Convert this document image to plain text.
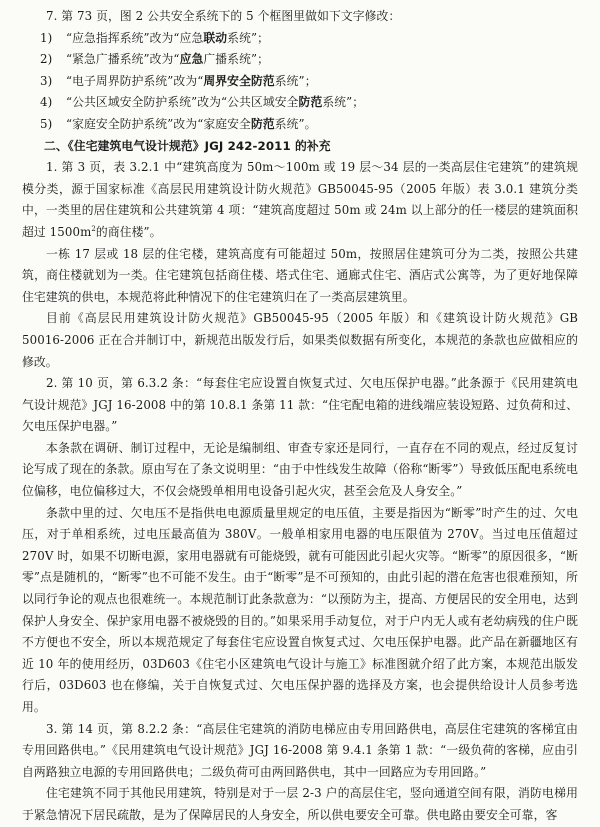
7. 第 73 页，图 2 公共安全系统下的 5 个框图里做如下文字修改：

1) “应急指挥系统”改为“应急联动系统”；

2) “紧急广播系统”改为“应急广播系统”；

3) “电子周界防护系统”改为“周界安全防范系统”；

4) “公共区域安全防护系统”改为“公共区域安全防范系统”；

5) “家庭安全防护系统”改为“家庭安全防范系统”。

二、《住宅建筑电气设计规范》JGJ 242-2011 的补充

1. 第 3 页，表 3.2.1 中“建筑高度为 50m～100m 或 19 层～34 层的一类高层住宅建筑”的建筑规模分类，源于国家标准《高层民用建筑设计防火规范》GB50045-95（2005 年版）表 3.0.1 建筑分类中，一类里的居住建筑和公共建筑第 4 项：“建筑高度超过 50m 或 24m 以上部分的任一楼层的建筑面积超过 $1500m^2$的商住楼”。

一栋 17 层或 18 层的住宅楼，建筑高度有可能超过 50m，按照居住建筑可分为二类，按照公共建筑，商住楼就划为一类。住宅建筑包括商住楼、塔式住宅、通廊式住宅、酒店式公寓等，为了更好地保障住宅建筑的供电，本规范将此种情况下的住宅建筑归在了一类高层建筑里。

目前《高层民用建筑设计防火规范》GB50045-95（2005 年版）和《建筑设计防火规范》GB 50016-2006 正在合并制订中，新规范出版发行后，如果类似数据有所变化，本规范的条款也应做相应的修改。

2. 第 10 页，第 6.3.2 条：“每套住宅应设置自恢复式过、欠电压保护电器。”此条源于《民用建筑电气设计规范》JGJ 16-2008 中的第 10.8.1 条第 11 款：“住宅配电箱的进线端应装设短路、过负荷和过、欠电压保护电器。”

本条款在调研、制订过程中，无论是编制组、审查专家还是同行，一直存在不同的观点，经过反复讨论写成了现在的条款。原由写在了条文说明里：“由于中性线发生故障（俗称“断零”）导致低压配电系统电位偏移，电位偏移过大，不仅会烧毁单相用电设备引起火灾，甚至会危及人身安全。”

条款中里的过、欠电压不是指供电电源质量里规定的电压值，主要是指因为“断零”时产生的过、欠电压，对于单相系统，过电压最高值为 380V。一般单相家用电器的电压限值为 270V。当过电压值超过 270V 时，如果不切断电源，家用电器就有可能烧毁，就有可能因此引起火灾等。“断零”的原因很多，“断零”点是随机的，“断零”也不可能不发生。由于“断零”是不可预知的，由此引起的潜在危害也很难预知，所以同行争论的观点也很难统一。本规范制订此条款意为：“以预防为主，提高、方便居民的安全用电，达到保护人身安全、保护家用电器不被烧毁的目的。”如果采用手动复位，对于户内无人或有老幼病残的住户既不方便也不安全，所以本规范规定了每套住宅应设置自恢复式过、欠电压保护电器。此产品在新疆地区有近 10 年的使用经历，03D603《住宅小区建筑电气设计与施工》标准图就介绍了此方案，本规范出版发行后，03D603 也在修编，关于自恢复式过、欠电压保护器的选择及方案，也会提供给设计人员参考选用。

3. 第 14 页，第 8.2.2 条：“高层住宅建筑的消防电梯应由专用回路供电，高层住宅建筑的客梯宜由专用回路供电。”《民用建筑电气设计规范》JGJ 16-2008 第 9.4.1 条第 1 款：“一级负荷的客梯，应由引自两路独立电源的专用回路供电；二级负荷可由两回路供电，其中一回路应为专用回路。”

住宅建筑不同于其他民用建筑，特别是对于一层 2-3 户的高层住宅，竖向通道空间有限，消防电梯用于紧急情况下居民疏散，是为了保障居民的人身安全，所以供电要安全可靠。供电路由要安全可靠，客
